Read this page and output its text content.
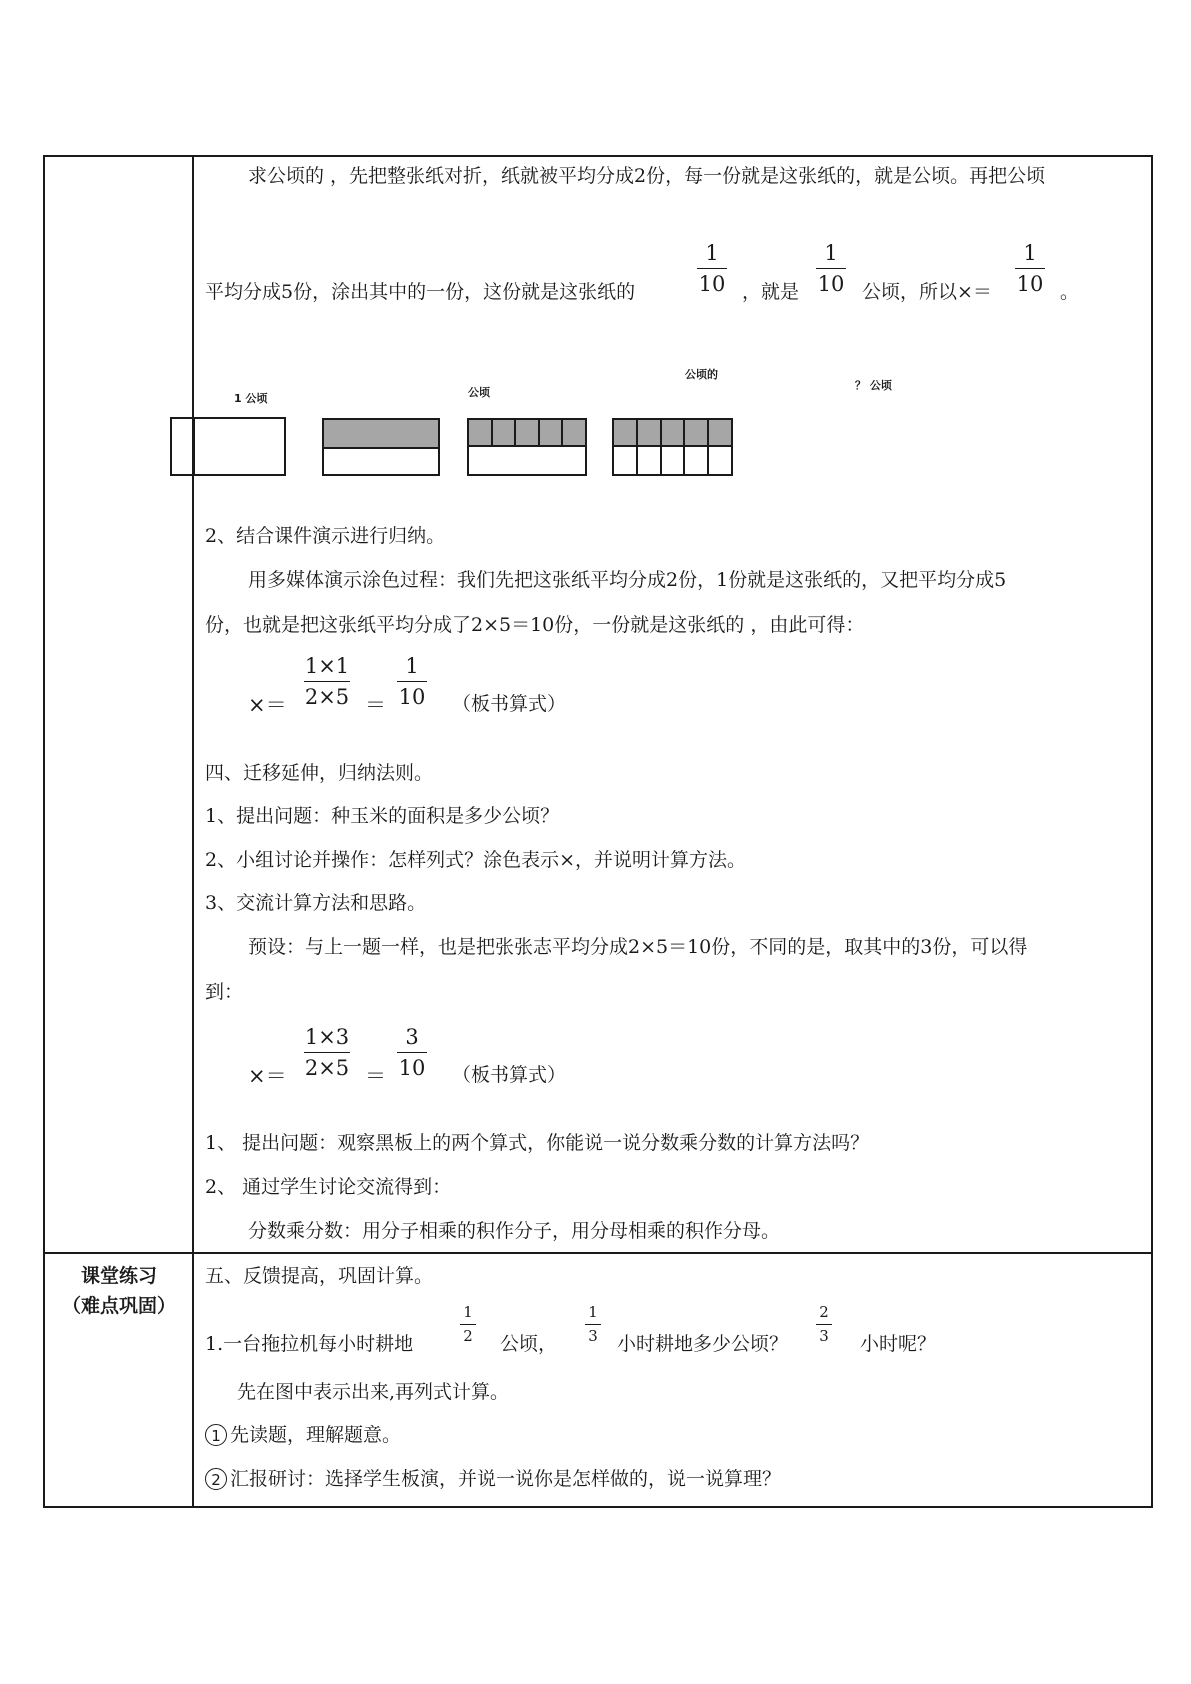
求公顷的 ，先把整张纸对折，纸就被平均分成2份，每一份就是这张纸的，就是公顷。再把公顷
平均分成5份，涂出其中的一份，这份就是这张纸的	$\frac{1}{10}$ ，就是 $\frac{1}{10}$ 公顷，所以×＝ $\frac{1}{10}$ 。
1 公顷	公顷
公顷的
？ 公顷
2、结合课件演示进行归纳。
用多媒体演示涂色过程：我们先把这张纸平均分成2份，1份就是这张纸的，又把平均分成5
份，也就是把这张纸平均分成了2×5＝10份，一份就是这张纸的 ，由此可得：
×＝ $\frac{1\times 1}{2\times 5} = \frac{1}{10}$ （板书算式）
四、迁移延伸，归纳法则。
1、提出问题：种玉米的面积是多少公顷？
2、小组讨论并操作：怎样列式？涂色表示×，并说明计算方法。
3、交流计算方法和思路。
预设：与上一题一样，也是把张张志平均分成2×5＝10份，不同的是，取其中的3份，可以得
到：
×＝ $\frac{1\times 3}{2\times 5} = \frac{3}{10}$ （板书算式）
1、 提出问题：观察黑板上的两个算式，你能说一说分数乘分数的计算方法吗？
2、 通过学生讨论交流得到：
分数乘分数：用分子相乘的积作分子，用分母相乘的积作分母。
课堂练习
（难点巩固）
五、反馈提高，巩固计算。
1.一台拖拉机每小时耕地	$\frac{1}{2}$ 公顷， $\frac{1}{3}$ 小时耕地多少公顷？ $\frac{2}{3}$ 小时呢？
先在图中表示出来,再列式计算。
1 先读题，理解题意。
2 汇报研讨：选择学生板演，并说一说你是怎样做的，说一说算理？
